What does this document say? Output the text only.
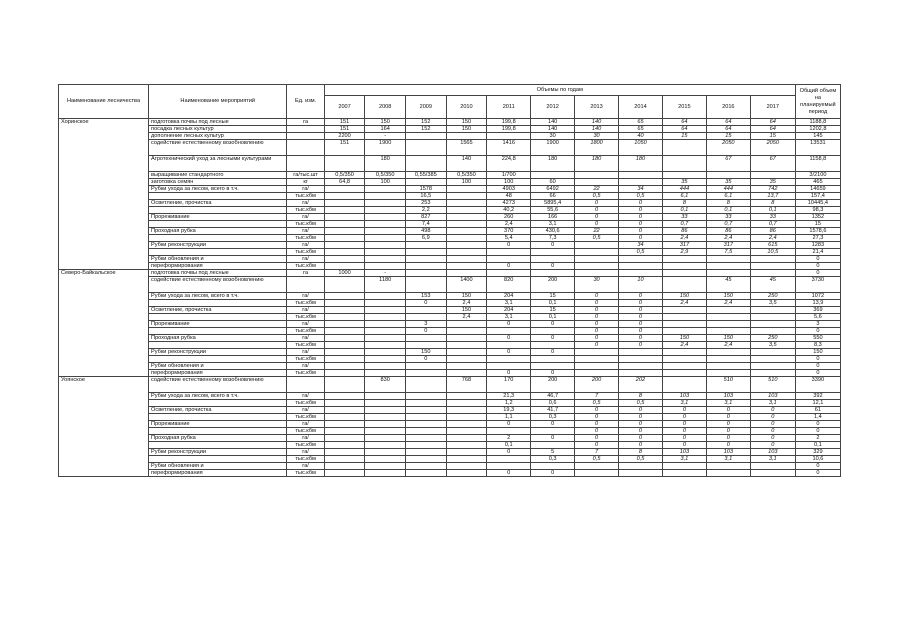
Наименование лесничества	Наименование мероприятий	Ед. изм.	Объемы по годам											Общий объем на планируемый период
			2007	2008	2009	2010	2011	2012	2013	2014	2015	2016	2017	
Хоринское	подготовка почвы под лесные	га	151	150	152	150	199,8	140	140	65	64	64	64	1188,8
	посадка лесных культур		151	164	152	150	199,8	140	140	65	64	64	64	1202,8
	дополнение лесных культур		2200	-				30	30	40	15	15	15	145
	содействие естественному возобновлению		151	1900		1565	1416	1900	1800	1050		2050	2050	13531
	Агротехнический уход за лесными культурами			180		140	224,8	180	180	180		67	67	1158,8
	выращивание стандартного	га/тыс.шт	0,5/350	0,5/350	0,55/385	0,5/350	1/700							3/2100
	заготовка семян	кг	64,8	100		100	100	60			35	35	35	465
	Рубки ухода за лесом, всего в т.ч.	га/			1578		4903	6492	22	34	444	444	742	14659
		тыс.кбм			16,5		48	66	0,5	0,5	6,1	6,1	13,7	157,4
	Осветление, прочистка	га/			253		4273	5895,4	0	0	8	8	8	10445,4
		тыс.кбм			2,2		40,2	55,6	0	0	0,1	0,1	0,1	98,3
	Прореживание	га/			827		260	166	0	0	33	33	33	1352
		тыс.кбм			7,4		2,4	3,1	0	0	0,7	0,7	0,7	15
	Проходная рубка	га/			498		370	430,6	22	0	86	86	86	1578,6
		тыс.кбм			6,9		5,4	7,3	0,5	0	2,4	2,4	2,4	27,3
	Рубки реконструкции	га/					0	0		34	317	317	615	1283
		тыс.кбм								0,5	2,9	7,5	10,5	21,4
	Рубки обновления и	га/												0
	переформирования	тыс.кбм					0	0						0
Северо-Байкальское	подготовка почвы под лесные	га	1000	-										0
	содействие естественному возобновлению			1180		1400	820	200	30	10		45	45	3730
	Рубки ухода за лесом, всего в т.ч.	га/			153	150	204	15	0	0	150	150	250	1072
		тыс.кбм			0	2,4	3,1	0,1	0	0	2,4	2,4	3,5	13,9
	Осветление, прочистка	га/				150	204	15	0	0				369
		тыс.кбм				2,4	3,1	0,1	0	0				5,6
	Прореживание	га/			3		0	0	0	0				3
		тыс.кбм			0				0	0				0
	Проходная рубка	га/					0	0	0	0	150	150	250	550
		тыс.кбм							0	0	2,4	2,4	3,5	8,3
	Рубки реконструкции	га/			150		0	0						150
		тыс.кбм			0									0
	Рубки обновления и	га/												0
	переформирования	тыс.кбм					0	0						0
Уоянское	содействие естественному возобновлению			830		768	170	200	200	202		510	510	3390
	Рубки ухода за лесом, всего в т.ч.	га/					21,3	46,7	7	8	103	103	103	392
		тыс.кбм					1,2	0,6	0,5	0,5	3,1	3,1	3,1	12,1
	Осветление, прочистка	га/					19,3	41,7	0	0	0	0	0	61
		тыс.кбм					1,1	0,3	0	0	0	0	0	1,4
	Прореживание	га/					0	0	0	0	0	0	0	0
		тыс.кбм							0	0	0	0	0	0
	Проходная рубка	га/					2	0	0	0	0	0	0	2
		тыс.кбм					0,1		0	0	0	0	0	0,1
	Рубки реконструкции	га/					0	5	7	8	103	103	103	329
		тыс.кбм						0,3	0,5	0,5	3,1	3,1	3,1	10,6
	Рубки обновления и	га/												0
	переформирования	тыс.кбм					0	0						0
